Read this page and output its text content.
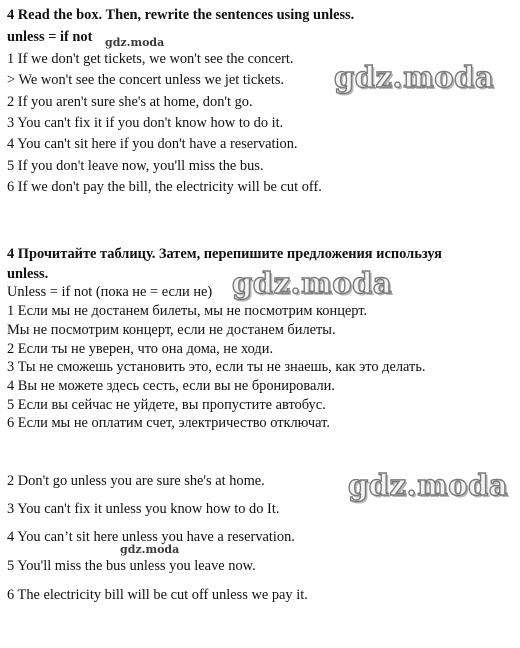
4 Read the box. Then, rewrite the sentences using unless.
unless = if not
1 If we don't get tickets, we won't see the concert.
> We won't see the concert unless we jet tickets.
2 If you aren't sure she's at home, don't go.
3 You can't fix it if you don't know how to do it.
4 You can't sit here if you don't have a reservation.
5 If you don't leave now, you'll miss the bus.
6 If we don't pay the bill, the electricity will be cut off.
4 Прочитайте таблицу. Затем, перепишите предложения используя
unless.
Unless = if not (пока не = если не)
1 Если мы не достанем билеты, мы не посмотрим концерт.
Мы не посмотрим концерт, если не достанем билеты.
2 Если ты не уверен, что она дома, не ходи.
3 Ты не сможешь установить это, если ты не знаешь, как это делать.
4 Вы не можете здесь сесть, если вы не бронировали.
5 Если вы сейчас не уйдете, вы пропустите автобус.
6 Если мы не оплатим счет, электричество отключат.
2 Don't go unless you are sure she's at home.
3 You can't fix it unless you know how to do It.
4 You can’t sit here unless you have a reservation.
5 You'll miss the bus unless you leave now.
6 The electricity bill will be cut off unless we pay it.
gdz.moda
gdz.moda
gdz.moda
gdz.moda
gdz.moda
